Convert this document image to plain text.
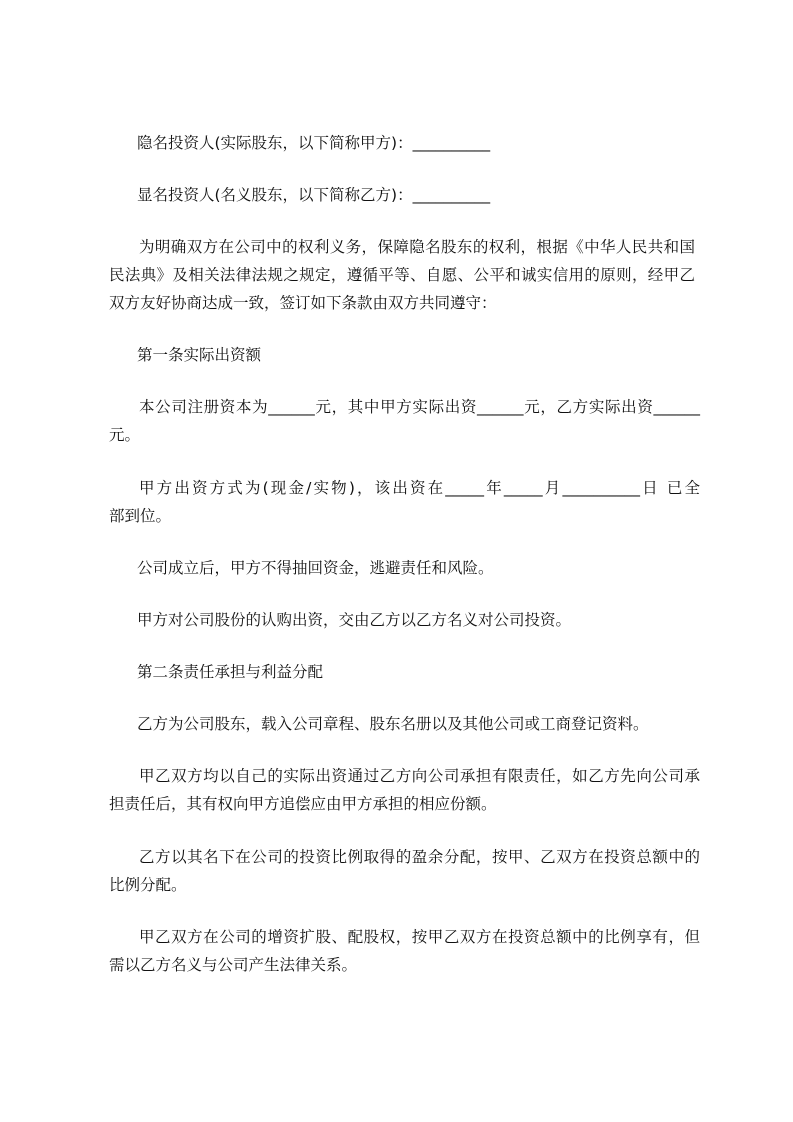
隐名投资人(实际股东，以下简称甲方)：__________

显名投资人(名义股东，以下简称乙方)：__________

为明确双方在公司中的权利义务，保障隐名股东的权利，根据《中华人民共和国

民法典》及相关法律法规之规定，遵循平等、自愿、公平和诚实信用的原则，经甲乙

双方友好协商达成一致，签订如下条款由双方共同遵守：

第一条实际出资额

本公司注册资本为______元，其中甲方实际出资______元，乙方实际出资______

元。

甲方出资方式为(现金/实物)，该出资在_____年_____月__________日 已全

部到位。

公司成立后，甲方不得抽回资金，逃避责任和风险。

甲方对公司股份的认购出资，交由乙方以乙方名义对公司投资。

第二条责任承担与利益分配

乙方为公司股东，载入公司章程、股东名册以及其他公司或工商登记资料。

甲乙双方均以自己的实际出资通过乙方向公司承担有限责任，如乙方先向公司承

担责任后，其有权向甲方追偿应由甲方承担的相应份额。

乙方以其名下在公司的投资比例取得的盈余分配，按甲、乙双方在投资总额中的

比例分配。

甲乙双方在公司的增资扩股、配股权，按甲乙双方在投资总额中的比例享有，但

需以乙方名义与公司产生法律关系。
